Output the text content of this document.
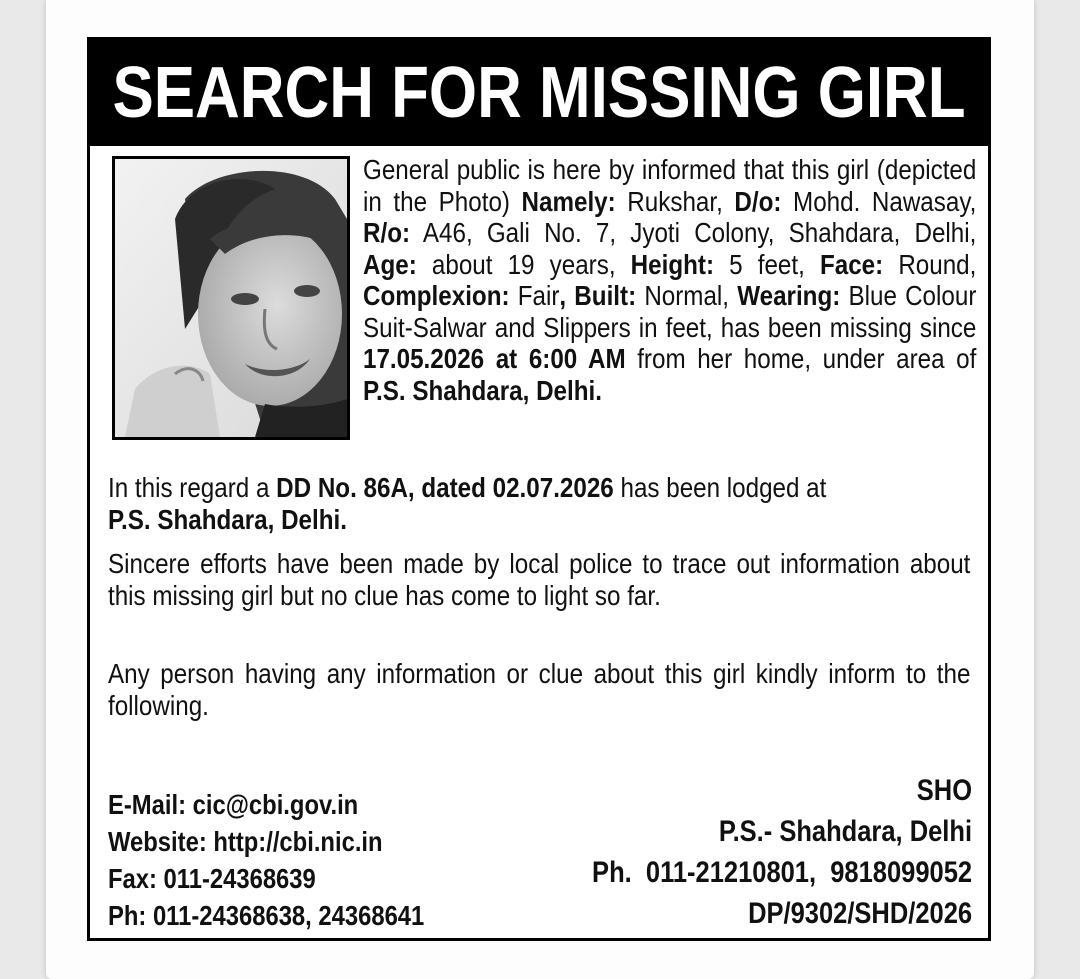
SEARCH FOR MISSING GIRL
General public is here by informed that this girl (depicted in the Photo) Namely: Rukshar, D/o: Mohd. Nawasay, R/o: A46, Gali No. 7, Jyoti Colony, Shahdara, Delhi, Age: about 19 years, Height: 5 feet, Face: Round, Complexion: Fair, Built: Normal, Wearing: Blue Colour Suit-Salwar and Slippers in feet, has been missing since 17.05.2026 at 6:00 AM from her home, under area of P.S. Shahdara, Delhi.
In this regard a DD No. 86A, dated 02.07.2026 has been lodged at
P.S. Shahdara, Delhi.
Sincere efforts have been made by local police to trace out information about this missing girl but no clue has come to light so far.
Any person having any information or clue about this girl kindly inform to the following.
E-Mail: cic@cbi.gov.in
Website: http://cbi.nic.in
Fax: 011-24368639
Ph: 011-24368638, 24368641
SHO
P.S.- Shahdara, Delhi
Ph.  011-21210801,  9818099052
DP/9302/SHD/2026
